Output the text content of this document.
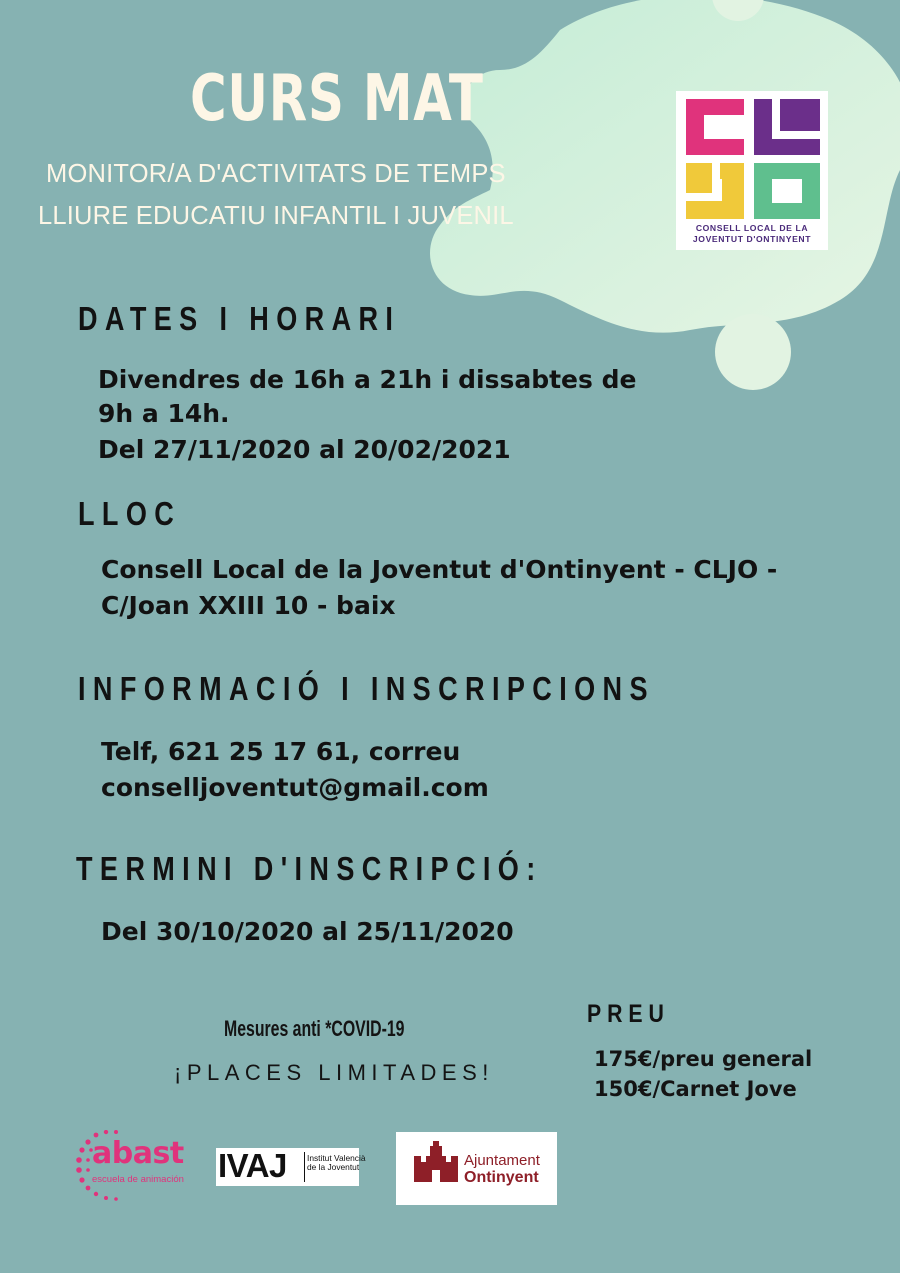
CURS MAT
MONITOR/A D'ACTIVITATS DE TEMPS
LLIURE EDUCATIU INFANTIL I JUVENIL	CONSELL LOCAL DE LA
JOVENTUT D'ONTINYENT
DATES I HORARI
Divendres de 16h a 21h i dissabtes de
9h a 14h.
Del 27/11/2020 al 20/02/2021
LLOC
Consell Local de la Joventut d'Ontinyent - CLJO -
C/Joan XXIII 10 - baix
INFORMACIÓ I INSCRIPCIONS
Telf, 621 25 17 61, correu
conselljoventut@gmail.com
TERMINI D'INSCRIPCIÓ:
Del 30/10/2020 al 25/11/2020
Mesures anti *COVID-19
¡PLACES LIMITADES!
PREU
175€/preu general
150€/Carnet Jove
abast
escuela de animación IVAJ Institut Valencià
de la Joventut	Ajuntament
Ontinyent
